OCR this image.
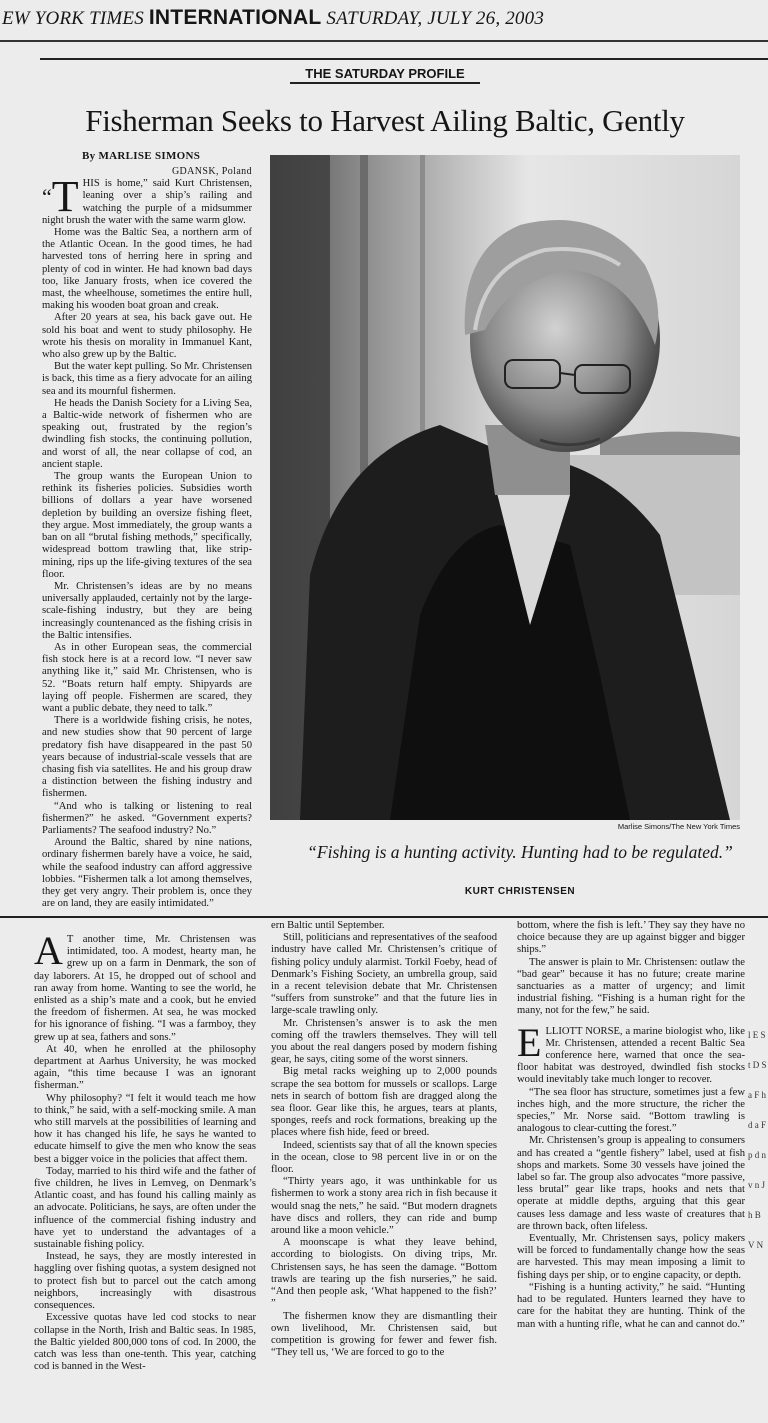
EW YORK TIMES INTERNATIONAL SATURDAY, JULY 26, 2003
THE SATURDAY PROFILE
Fisherman Seeks to Harvest Ailing Baltic, Gently
By MARLISE SIMONS
GDANSK, Poland

“T HIS is home,” said Kurt Christensen, leaning over a ship’s railing and watching the purple of a midsummer night brush the water with the same warm glow.

Home was the Baltic Sea, a northern arm of the Atlantic Ocean. In the good times, he had harvested tons of herring here in spring and plenty of cod in winter. He had known bad days too, like January frosts, when ice covered the mast, the wheelhouse, sometimes the entire hull, making his wooden boat groan and creak.

After 20 years at sea, his back gave out. He sold his boat and went to study philosophy. He wrote his thesis on morality in Immanuel Kant, who also grew up by the Baltic.

But the water kept pulling. So Mr. Christensen is back, this time as a fiery advocate for an ailing sea and its mournful fishermen.

He heads the Danish Society for a Living Sea, a Baltic-wide network of fishermen who are speaking out, frustrated by the region’s dwindling fish stocks, the continuing pollution, and worst of all, the near collapse of cod, an ancient staple.

The group wants the European Union to rethink its fisheries policies. Subsidies worth billions of dollars a year have worsened depletion by building an oversize fishing fleet, they argue. Most immediately, the group wants a ban on all “brutal fishing methods,” specifically, widespread bottom trawling that, like strip-mining, rips up the life-giving textures of the sea floor.

Mr. Christensen’s ideas are by no means universally applauded, certainly not by the large-scale-fishing industry, but they are being increasingly countenanced as the fishing crisis in the Baltic intensifies.

As in other European seas, the commercial fish stock here is at a record low. “I never saw anything like it,” said Mr. Christensen, who is 52. “Boats return half empty. Shipyards are laying off people. Fishermen are scared, they want a public debate, they need to talk.”

There is a worldwide fishing crisis, he notes, and new studies show that 90 percent of large predatory fish have disappeared in the past 50 years because of industrial-scale vessels that are chasing fish via satellites. He and his group draw a distinction between the fishing industry and fishermen.

“And who is talking or listening to real fishermen?” he asked. “Government experts? Parliaments? The seafood industry? No.”

Around the Baltic, shared by nine nations, ordinary fishermen barely have a voice, he said, while the seafood industry can afford aggressive lobbies. “Fishermen talk a lot among themselves, they get very angry. Their problem is, once they are on land, they are easily intimidated.”

Marlise Simons/The New York Times
“Fishing is a hunting activity. Hunting had to be regulated.”
KURT CHRISTENSEN

A T another time, Mr. Christensen was intimidated, too. A modest, hearty man, he grew up on a farm in Denmark, the son of day laborers. At 15, he dropped out of school and ran away from home. Wanting to see the world, he enlisted as a ship’s mate and a cook, but he envied the freedom of fishermen. At sea, he was mocked for his ignorance of fishing. “I was a farmboy, they grew up at sea, fathers and sons.”

At 40, when he enrolled at the philosophy department at Aarhus University, he was mocked again, “this time because I was an ignorant fisherman.”

Why philosophy? “I felt it would teach me how to think,” he said, with a self-mocking smile. A man who still marvels at the possibilities of learning and how it has changed his life, he says he wanted to educate himself to give the men who know the seas best a bigger voice in the policies that affect them.

Today, married to his third wife and the father of five children, he lives in Lemveg, on Denmark’s Atlantic coast, and has found his calling mainly as an advocate. Politicians, he says, are often under the influence of the commercial fishing industry and have yet to understand the advantages of a sustainable fishing policy.

Instead, he says, they are mostly interested in haggling over fishing quotas, a system designed not to protect fish but to parcel out the catch among neighbors, increasingly with disastrous consequences.

Excessive quotas have led cod stocks to near collapse in the North, Irish and Baltic seas. In 1985, the Baltic yielded 800,000 tons of cod. In 2000, the catch was less than one-tenth. This year, catching cod is banned in the West-

ern Baltic until September.

Still, politicians and representatives of the seafood industry have called Mr. Christensen’s critique of fishing policy unduly alarmist. Torkil Foeby, head of Denmark’s Fishing Society, an umbrella group, said in a recent television debate that Mr. Christensen “suffers from sunstroke” and that the future lies in large-scale trawling only.

Mr. Christensen’s answer is to ask the men coming off the trawlers themselves. They will tell you about the real dangers posed by modern fishing gear, he says, citing some of the worst sinners.

Big metal racks weighing up to 2,000 pounds scrape the sea bottom for mussels or scallops. Large nets in search of bottom fish are dragged along the sea floor. Gear like this, he argues, tears at plants, sponges, reefs and rock formations, breaking up the places where fish hide, feed or breed.

Indeed, scientists say that of all the known species in the ocean, close to 98 percent live in or on the floor.

“Thirty years ago, it was unthinkable for us fishermen to work a stony area rich in fish because it would snag the nets,” he said. “But modern dragnets have discs and rollers, they can ride and bump around like a moon vehicle.”

A moonscape is what they leave behind, according to biologists. On diving trips, Mr. Christensen says, he has seen the damage. “Bottom trawls are tearing up the fish nurseries,” he said. “And then people ask, ‘What happened to the fish?’ ”

The fishermen know they are dismantling their own livelihood, Mr. Christensen said, but competition is growing for fewer and fewer fish. “They tell us, ‘We are forced to go to the

bottom, where the fish is left.’ They say they have no choice because they are up against bigger and bigger ships.”

The answer is plain to Mr. Christensen: outlaw the “bad gear” because it has no future; create marine sanctuaries as a matter of urgency; and limit industrial fishing. “Fishing is a human right for the many, not for the few,” he said.

ELLIOTT NORSE, a marine biologist who, like Mr. Christensen, attended a recent Baltic Sea conference here, warned that once the sea-floor habitat was destroyed, dwindled fish stocks would inevitably take much longer to recover.

“The sea floor has structure, sometimes just a few inches high, and the more structure, the richer the species,” Mr. Norse said. “Bottom trawling is analogous to clear-cutting the forest.”

Mr. Christensen’s group is appealing to consumers and has created a “gentle fishery” label, used at fish shops and markets. Some 30 vessels have joined the label so far. The group also advocates “more passive, less brutal” gear like traps, hooks and nets that operate at middle depths, arguing that this gear causes less damage and less waste of creatures that are thrown back, often lifeless.

Eventually, Mr. Christensen says, policy makers will be forced to fundamentally change how the seas are harvested. This may mean imposing a limit to fishing days per ship, or to engine capacity, or depth.

“Fishing is a hunting activity,” he said. “Hunting had to be regulated. Hunters learned they have to care for the habitat they are hunting. Think of the man with a hunting rifle, what he can and cannot do.”

l E S t D S a F h d a F p d n v n J h B V N
